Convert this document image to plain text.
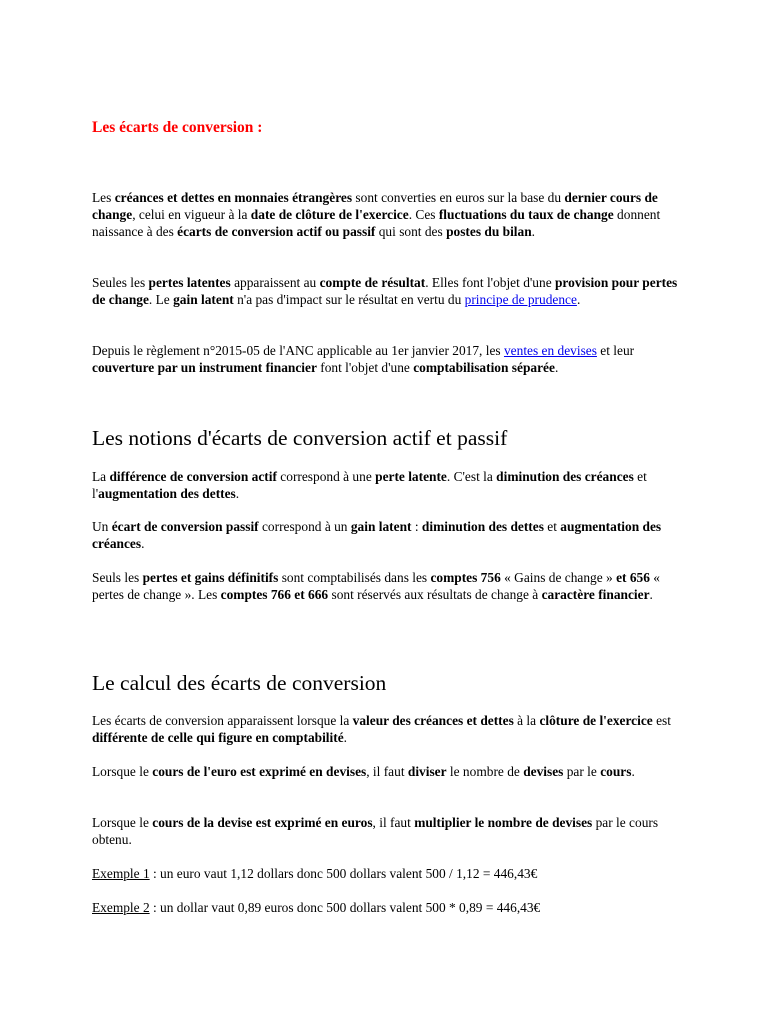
Les écarts de conversion :

Les créances et dettes en monnaies étrangères sont converties en euros sur la base du dernier cours de change, celui en vigueur à la date de clôture de l'exercice. Ces fluctuations du taux de change donnent naissance à des écarts de conversion actif ou passif qui sont des postes du bilan.

Seules les pertes latentes apparaissent au compte de résultat. Elles font l'objet d'une provision pour pertes de change. Le gain latent n'a pas d'impact sur le résultat en vertu du principe de prudence.

Depuis le règlement n°2015-05 de l'ANC applicable au 1er janvier 2017, les ventes en devises et leur couverture par un instrument financier font l'objet d'une comptabilisation séparée.

Les notions d'écarts de conversion actif et passif

La différence de conversion actif correspond à une perte latente. C'est la diminution des créances et l'augmentation des dettes.

Un écart de conversion passif correspond à un gain latent : diminution des dettes et augmentation des créances.

Seuls les pertes et gains définitifs sont comptabilisés dans les comptes 756 « Gains de change » et 656 « pertes de change ». Les comptes 766 et 666 sont réservés aux résultats de change à caractère financier.

Le calcul des écarts de conversion

Les écarts de conversion apparaissent lorsque la valeur des créances et dettes à la clôture de l'exercice est différente de celle qui figure en comptabilité.

Lorsque le cours de l'euro est exprimé en devises, il faut diviser le nombre de devises par le cours.

Lorsque le cours de la devise est exprimé en euros, il faut multiplier le nombre de devises par le cours obtenu.

Exemple 1 : un euro vaut 1,12 dollars donc 500 dollars valent 500 / 1,12 = 446,43€

Exemple 2 : un dollar vaut 0,89 euros donc 500 dollars valent 500 * 0,89 = 446,43€
